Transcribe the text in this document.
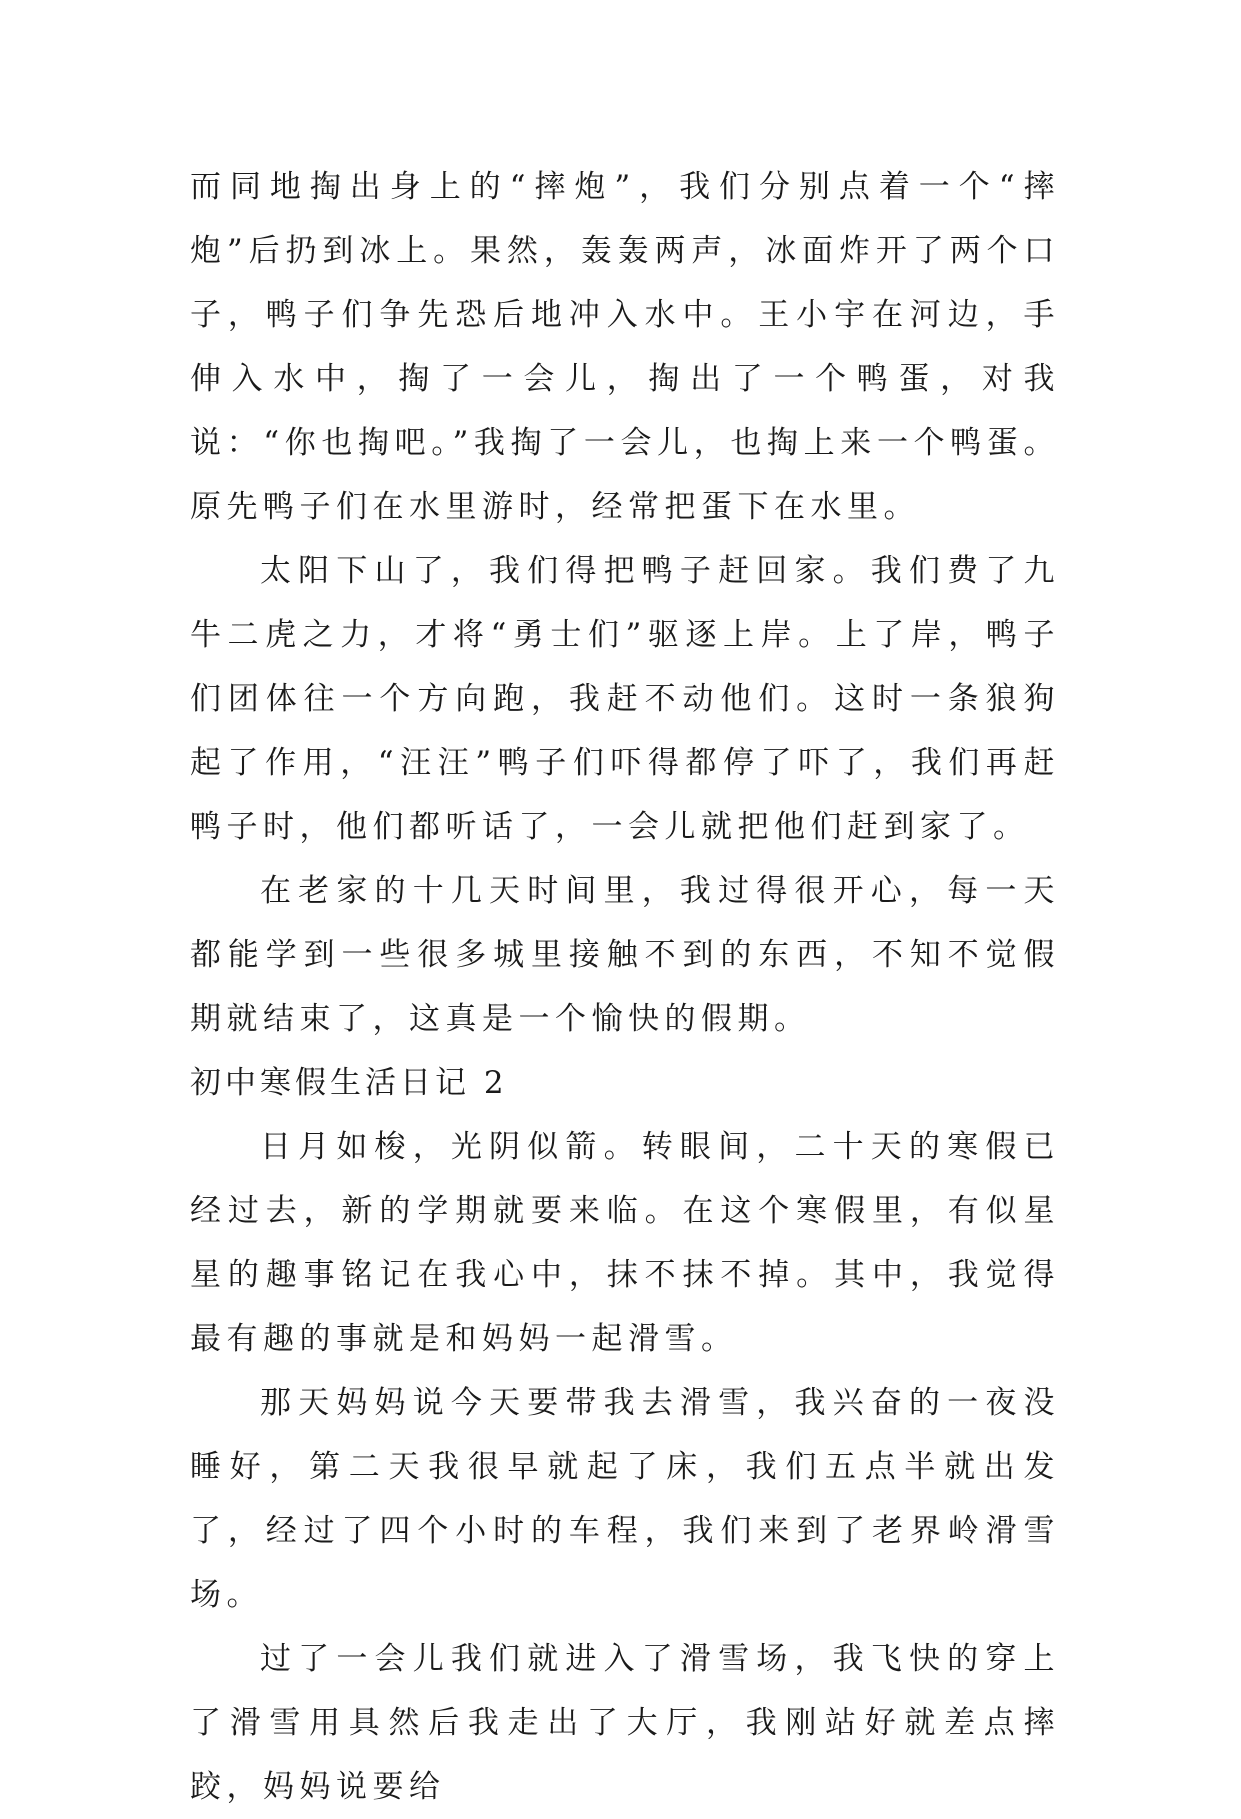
而同地掏出身上的“摔炮”，我们分别点着一个“摔炮”后扔到冰上。果然，轰轰两声，冰面炸开了两个口子，鸭子们争先恐后地冲入水中。王小宇在河边，手伸入水中，掏了一会儿，掏出了一个鸭蛋，对我说：“你也掏吧。”我掏了一会儿，也掏上来一个鸭蛋。原先鸭子们在水里游时，经常把蛋下在水里。

太阳下山了，我们得把鸭子赶回家。我们费了九牛二虎之力，才将“勇士们”驱逐上岸。上了岸，鸭子们团体往一个方向跑，我赶不动他们。这时一条狼狗起了作用，“汪汪”鸭子们吓得都停了吓了，我们再赶鸭子时，他们都听话了，一会儿就把他们赶到家了。

在老家的十几天时间里，我过得很开心，每一天都能学到一些很多城里接触不到的东西，不知不觉假期就结束了，这真是一个愉快的假期。

初中寒假生活日记 2

日月如梭，光阴似箭。转眼间，二十天的寒假已经过去，新的学期就要来临。在这个寒假里，有似星星的趣事铭记在我心中，抹不抹不掉。其中，我觉得最有趣的事就是和妈妈一起滑雪。

那天妈妈说今天要带我去滑雪，我兴奋的一夜没睡好，第二天我很早就起了床，我们五点半就出发了，经过了四个小时的车程，我们来到了老界岭滑雪场。

过了一会儿我们就进入了滑雪场，我飞快的穿上了滑雪用具然后我走出了大厅，我刚站好就差点摔跤，妈妈说要给
